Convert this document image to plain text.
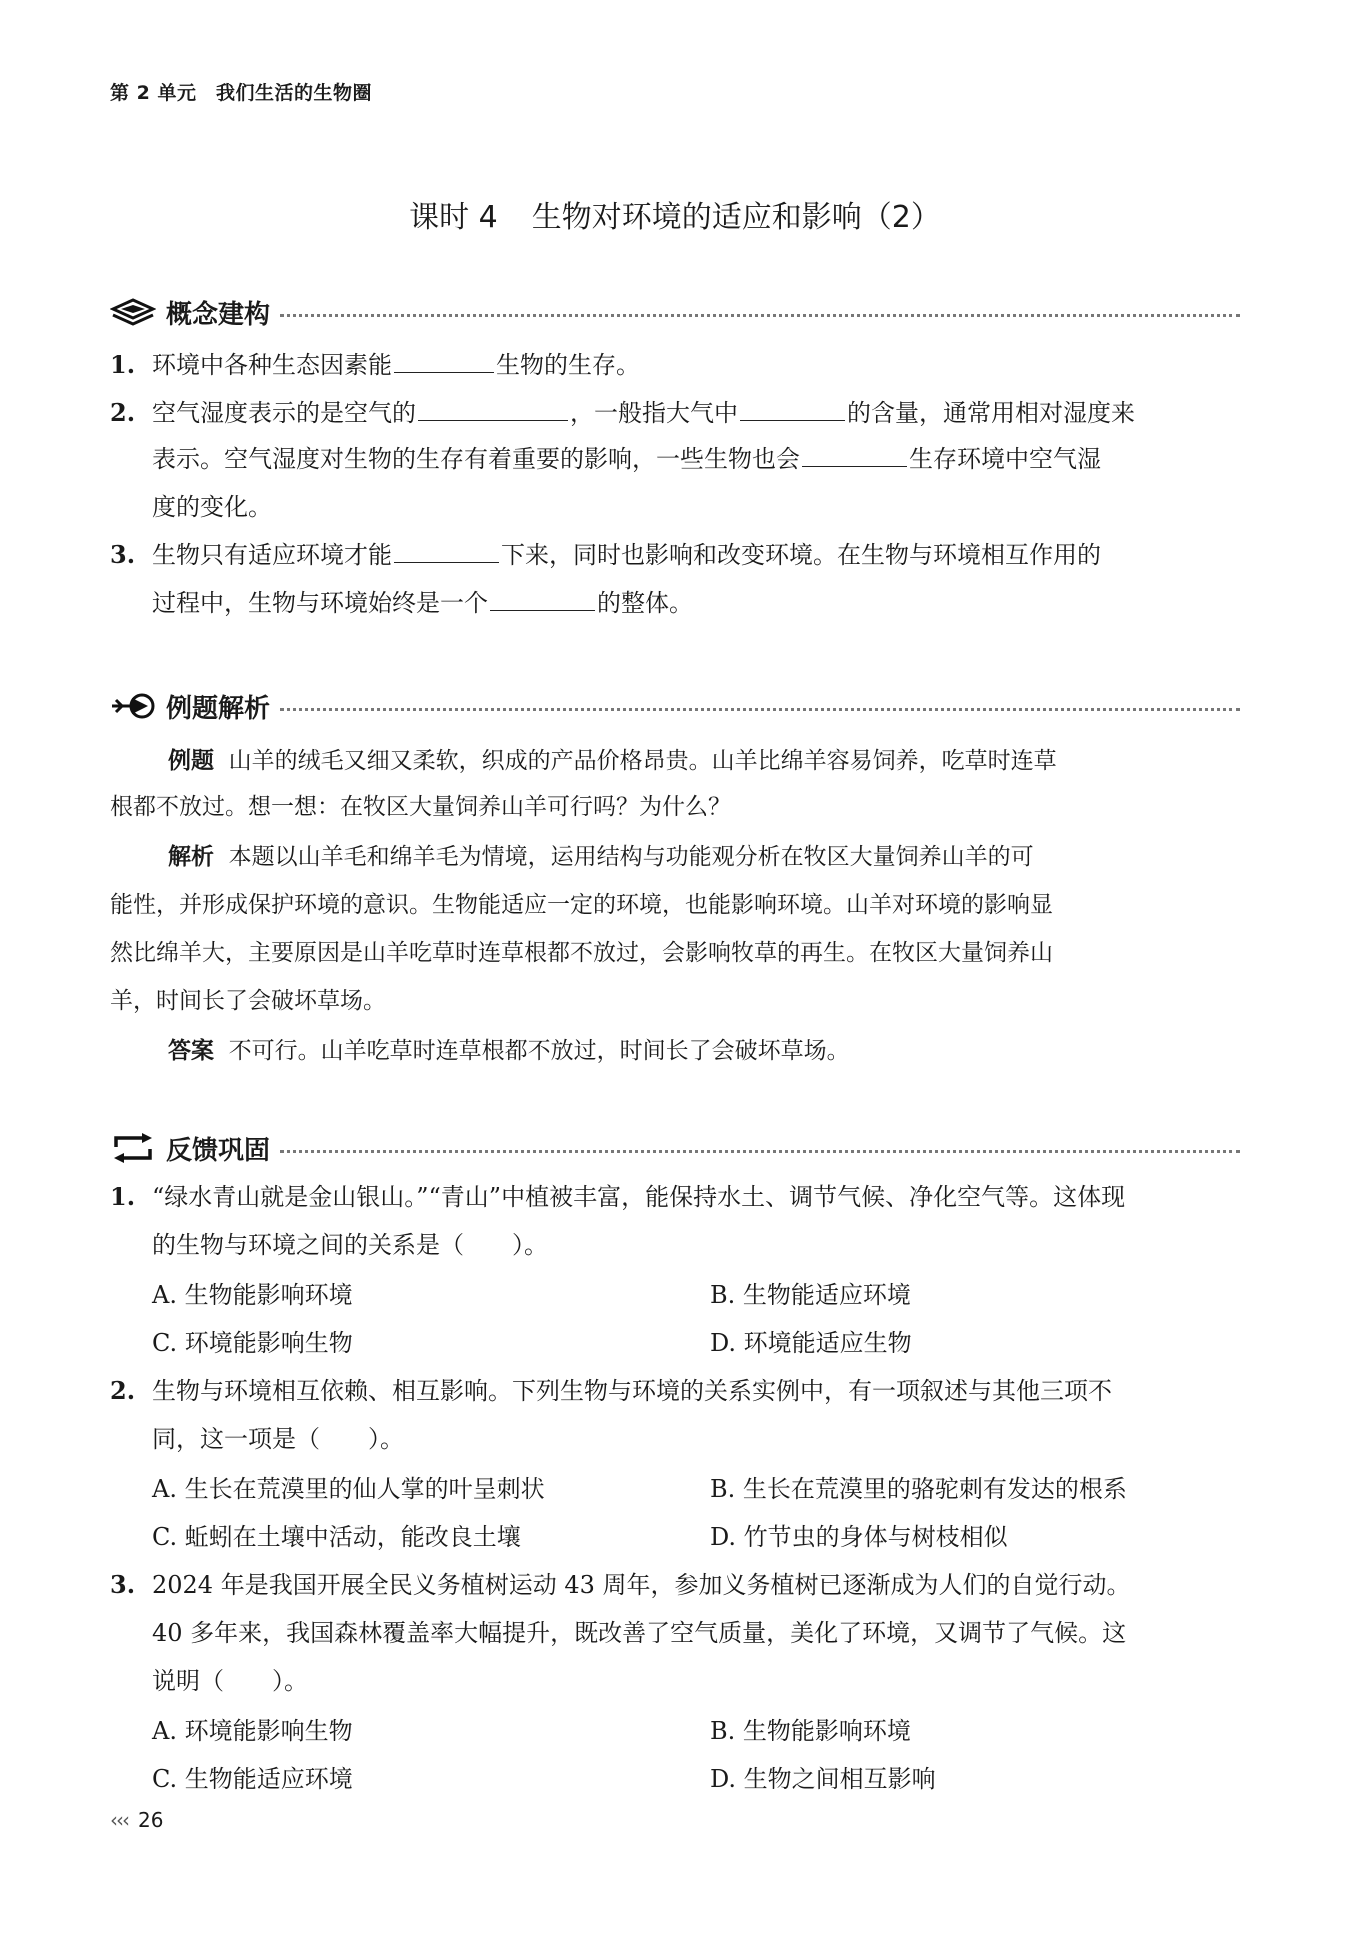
第 2 单元　我们生活的生物圈
课时 4 生物对环境的适应和影响（2）
概念建构
1. 环境中各种生态因素能	生物的生存。
2. 空气湿度表示的是空气的	，一般指大气中	的含量，通常用相对湿度来
表示。空气湿度对生物的生存有着重要的影响，一些生物也会	生存环境中空气湿
度的变化。
3. 生物只有适应环境才能	下来，同时也影响和改变环境。在生物与环境相互作用的
过程中，生物与环境始终是一个	的整体。
例题解析
例题 山羊的绒毛又细又柔软，织成的产品价格昂贵。山羊比绵羊容易饲养，吃草时连草
根都不放过。想一想：在牧区大量饲养山羊可行吗？为什么？
解析 本题以山羊毛和绵羊毛为情境，运用结构与功能观分析在牧区大量饲养山羊的可
能性，并形成保护环境的意识。生物能适应一定的环境，也能影响环境。山羊对环境的影响显
然比绵羊大，主要原因是山羊吃草时连草根都不放过，会影响牧草的再生。在牧区大量饲养山
羊，时间长了会破坏草场。
答案 不可行。山羊吃草时连草根都不放过，时间长了会破坏草场。
反馈巩固
1. “绿水青山就是金山银山。”“青山”中植被丰富，能保持水土、调节气候、净化空气等。这体现
的生物与环境之间的关系是（　　）。
A. 生物能影响环境	B. 生物能适应环境
C. 环境能影响生物	D. 环境能适应生物
2. 生物与环境相互依赖、相互影响。下列生物与环境的关系实例中，有一项叙述与其他三项不
同，这一项是（　　）。
A. 生长在荒漠里的仙人掌的叶呈刺状	B. 生长在荒漠里的骆驼刺有发达的根系
C. 蚯蚓在土壤中活动，能改良土壤	D. 竹节虫的身体与树枝相似
3. 2024 年是我国开展全民义务植树运动 43 周年，参加义务植树已逐渐成为人们的自觉行动。
40 多年来，我国森林覆盖率大幅提升，既改善了空气质量，美化了环境，又调节了气候。这
说明（　　）。
A. 环境能影响生物	B. 生物能影响环境
C. 生物能适应环境	D. 生物之间相互影响
‹‹‹ 26
